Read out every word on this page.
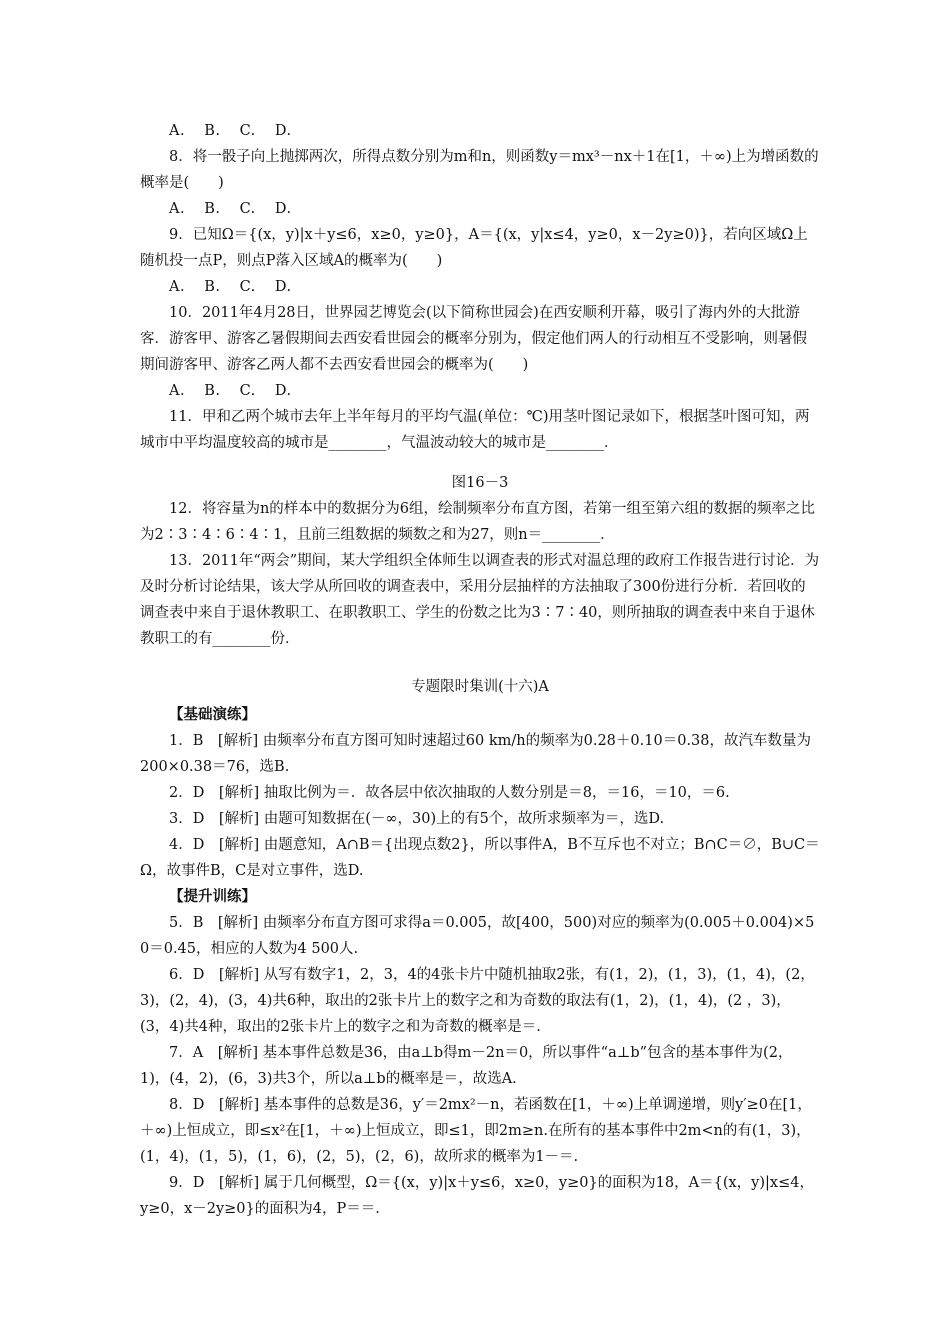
A. B. C. D.

8．将一骰子向上抛掷两次，所得点数分别为m和n，则函数y＝mx³－nx＋1在[1，＋∞)上为增函数的概率是(　　)

A. B. C. D.

9．已知Ω＝{(x，y)|x＋y≤6，x≥0，y≥0}，A＝{(x，y|x≤4，y≥0，x－2y≥0)}，若向区域Ω上随机投一点P，则点P落入区域A的概率为(　　)

A. B. C. D.

10．2011年4月28日，世界园艺博览会(以下简称世园会)在西安顺利开幕，吸引了海内外的大批游客．游客甲、游客乙暑假期间去西安看世园会的概率分别为，假定他们两人的行动相互不受影响，则暑假期间游客甲、游客乙两人都不去西安看世园会的概率为(　　)

A. B. C. D.

11．甲和乙两个城市去年上半年每月的平均气温(单位：℃)用茎叶图记录如下，根据茎叶图可知，两城市中平均温度较高的城市是________，气温波动较大的城市是________．

图16－3

12．将容量为n的样本中的数据分为6组，绘制频率分布直方图，若第一组至第六组的数据的频率之比为2∶3∶4∶6∶4∶1，且前三组数据的频数之和为27，则n＝________．

13．2011年“两会”期间，某大学组织全体师生以调查表的形式对温总理的政府工作报告进行讨论．为及时分析讨论结果，该大学从所回收的调查表中，采用分层抽样的方法抽取了300份进行分析．若回收的调查表中来自于退休教职工、在职教职工、学生的份数之比为3∶7∶40，则所抽取的调查表中来自于退休教职工的有________份．

专题限时集训(十六)A

【基础演练】

1．B　[解析] 由频率分布直方图可知时速超过60 km/h的频率为0.28＋0.10＝0.38，故汽车数量为200×0.38＝76，选B.

2．D　[解析] 抽取比例为＝．故各层中依次抽取的人数分别是＝8，＝16，＝10，＝6.

3．D　[解析] 由题可知数据在(－∞，30)上的有5个，故所求频率为＝，选D.

4．D　[解析] 由题意知，A∩B＝{出现点数2}，所以事件A，B不互斥也不对立；B∩C＝∅，B∪C＝Ω，故事件B，C是对立事件，选D.

【提升训练】

5．B　[解析] 由频率分布直方图可求得a＝0.005，故[400，500)对应的频率为(0.005＋0.004)×50＝0.45，相应的人数为4 500人.

6．D　[解析] 从写有数字1，2，3，4的4张卡片中随机抽取2张，有(1，2)，(1，3)，(1，4)，(2，3)，(2，4)，(3，4)共6种，取出的2张卡片上的数字之和为奇数的取法有(1，2)，(1，4)，(2 ，3)，(3，4)共4种，取出的2张卡片上的数字之和为奇数的概率是＝.

7．A　[解析] 基本事件总数是36，由a⊥b得m－2n＝0，所以事件“a⊥b”包含的基本事件为(2，1)，(4，2)，(6，3)共3个，所以a⊥b的概率是＝，故选A.

8．D　[解析] 基本事件的总数是36，y′＝2mx²－n，若函数在[1，＋∞)上单调递增，则y′≥0在[1，＋∞)上恒成立，即≤x²在[1，＋∞)上恒成立，即≤1，即2m≥n.在所有的基本事件中2m<n的有(1，3)，(1，4)，(1，5)，(1，6)，(2，5)，(2，6)，故所求的概率为1－＝.

9．D　[解析] 属于几何概型，Ω＝{(x，y)|x＋y≤6，x≥0，y≥0}的面积为18，A＝{(x，y)|x≤4，y≥0，x－2y≥0}的面积为4，P＝＝.
